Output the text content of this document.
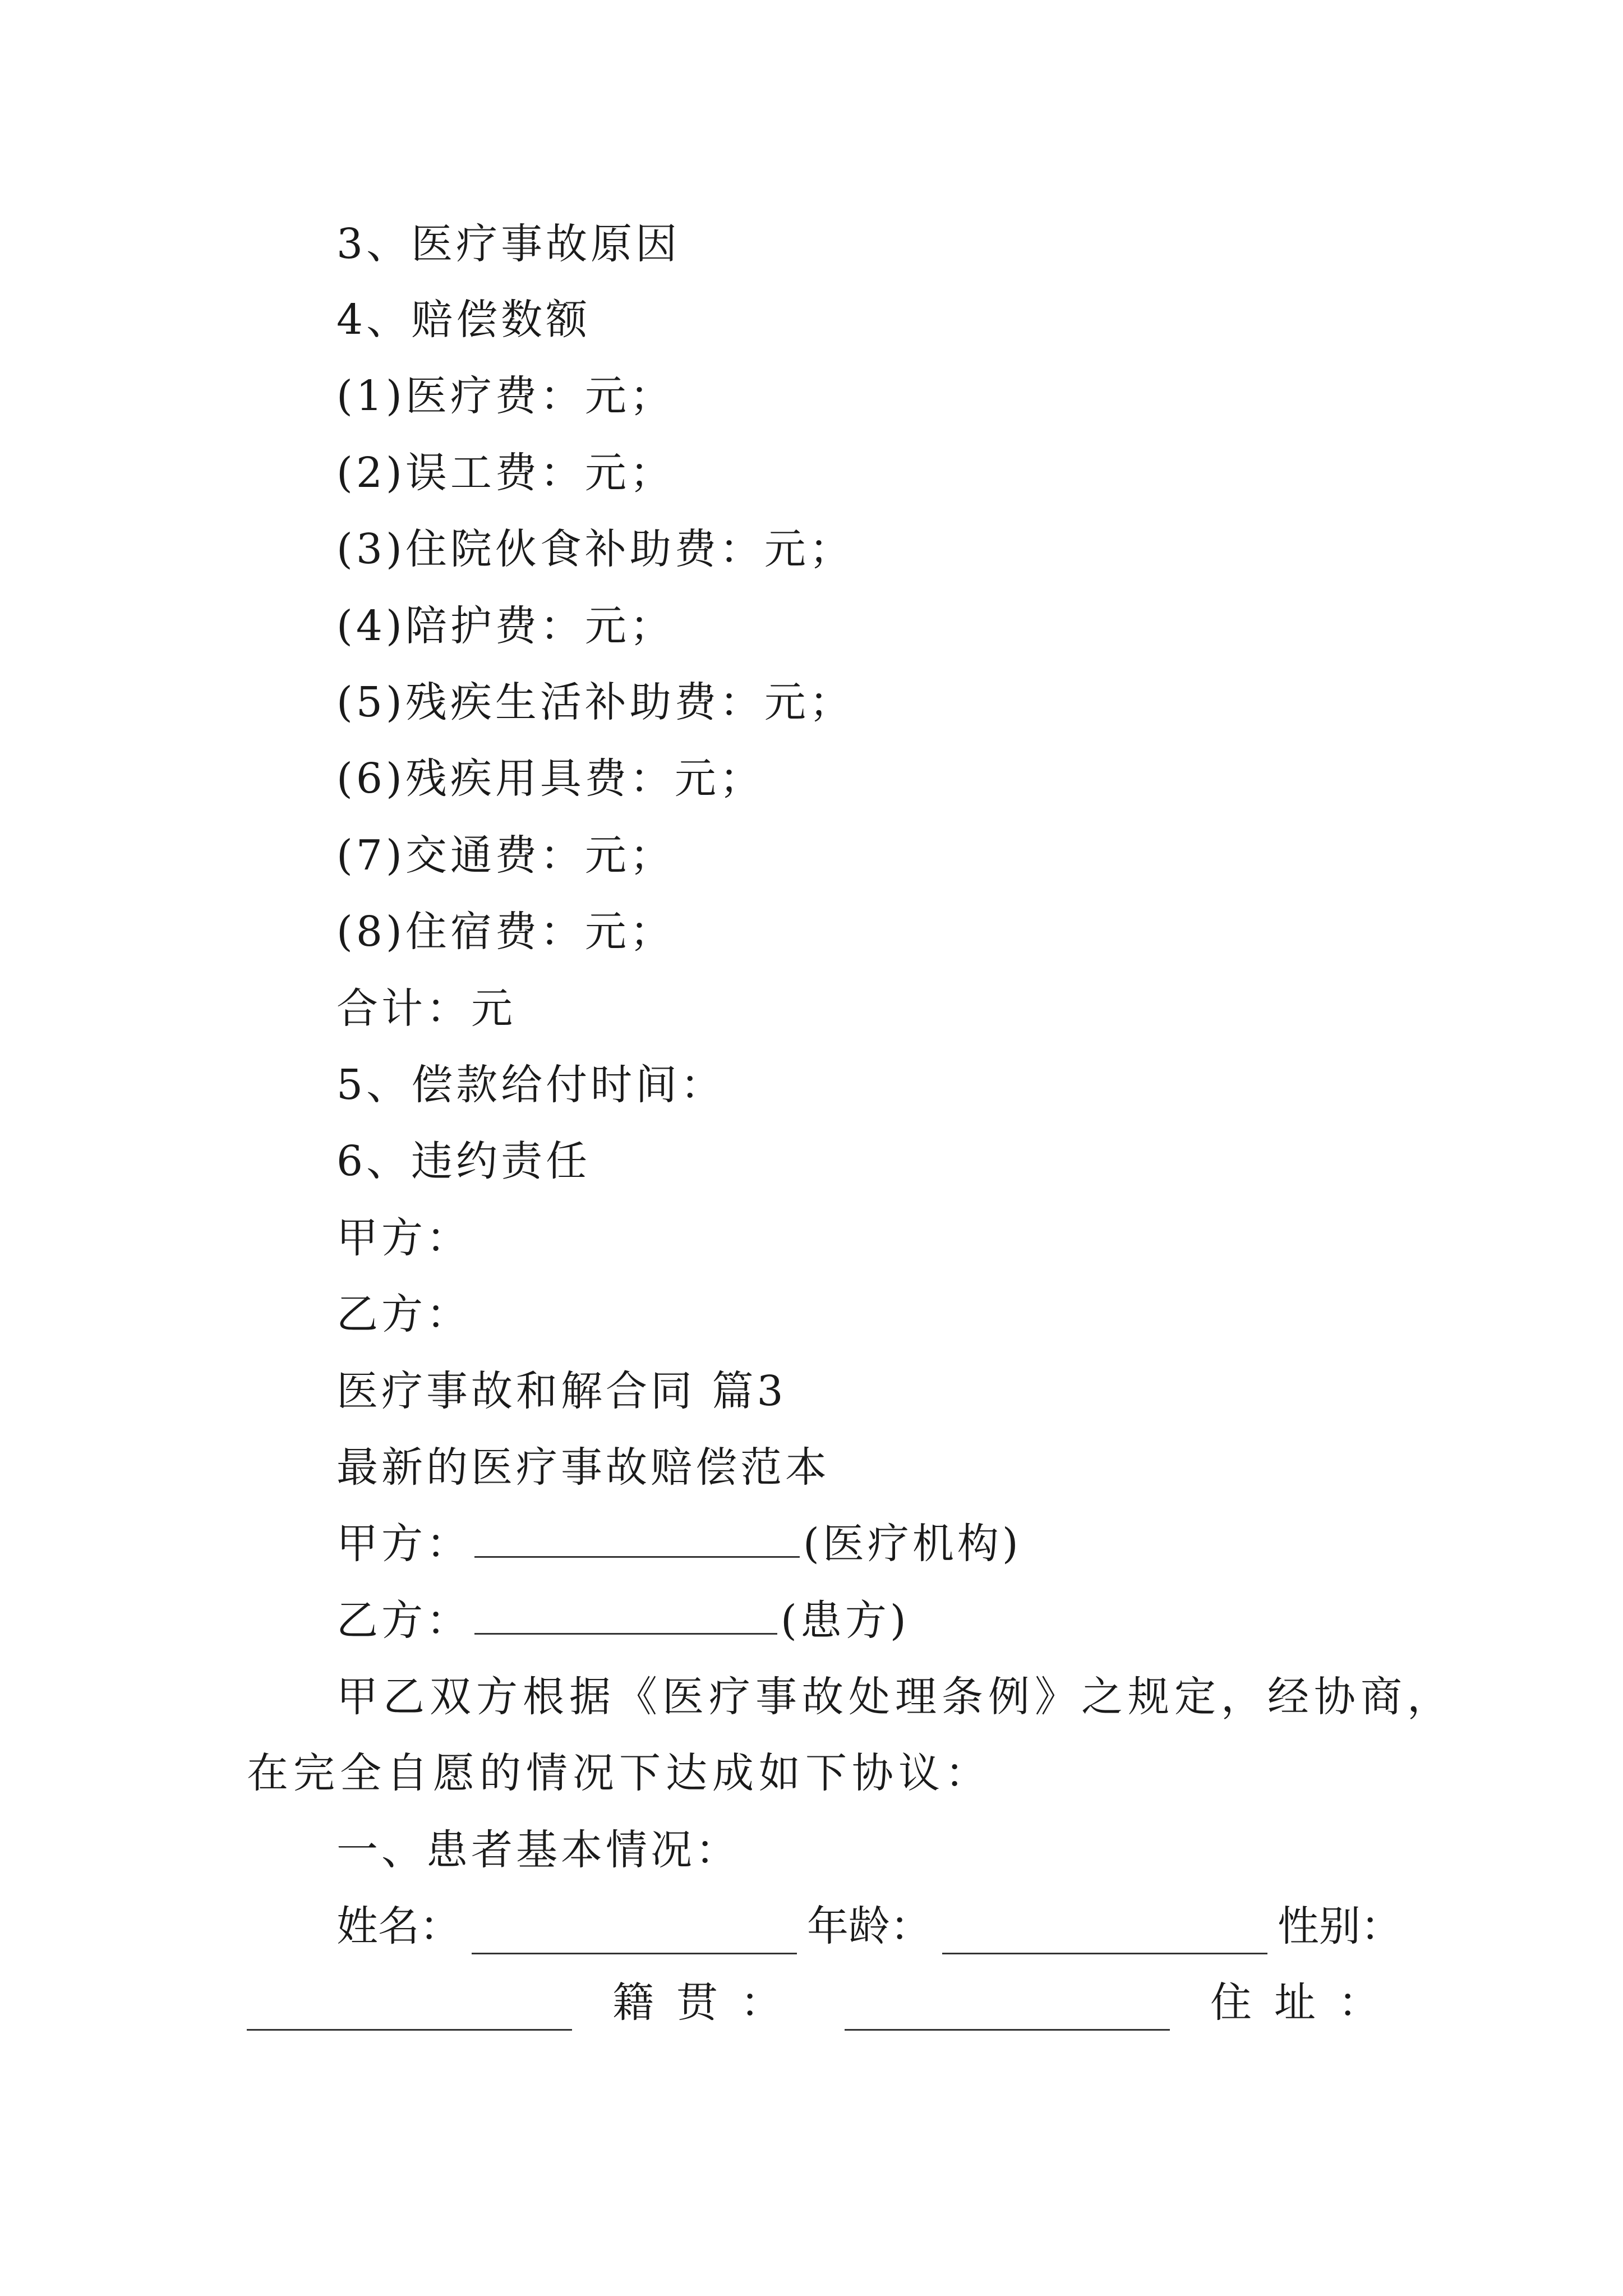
3、医疗事故原因
4、赔偿数额
(1)医疗费：元；
(2)误工费：元；
(3)住院伙食补助费：元；
(4)陪护费：元；
(5)残疾生活补助费：元；
(6)残疾用具费：元；
(7)交通费：元；
(8)住宿费：元；
合计：元
5、偿款给付时间：
6、违约责任
甲方：
乙方：
医疗事故和解合同 篇3
最新的医疗事故赔偿范本
甲方：	(医疗机构)
乙方：	(患方)
甲乙双方根据《医疗事故处理条例》之规定，经协商，
在完全自愿的情况下达成如下协议：
一、患者基本情况：
姓名：	年龄：	性别：
籍贯：	住址：
